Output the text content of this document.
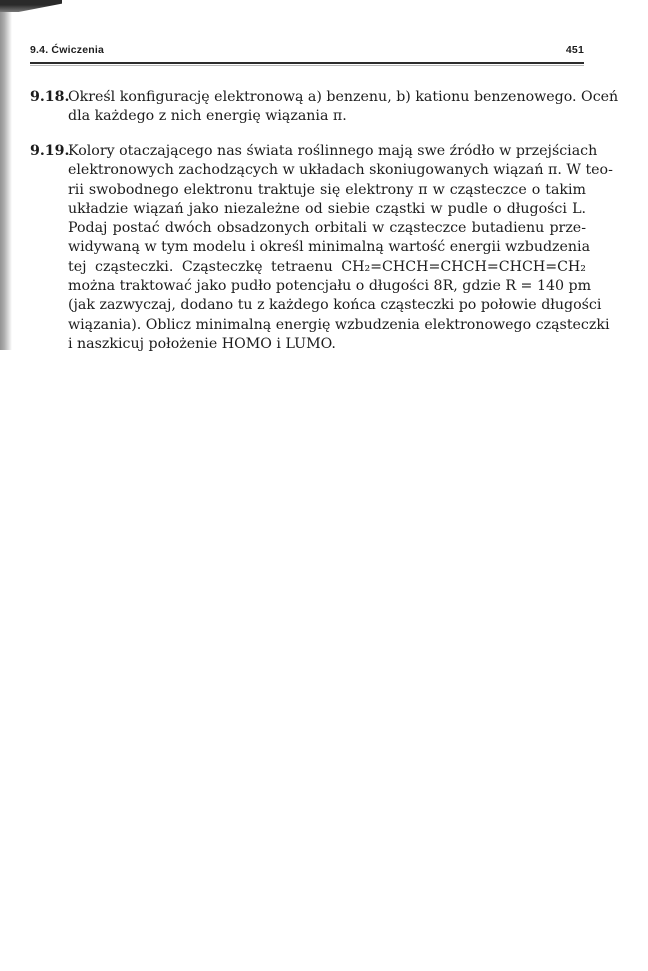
9.4. Ćwiczenia	451
9.18.
Określ konfigurację elektronową a) benzenu, b) kationu benzenowego. Oceń
dla każdego z nich energię wiązania π.
9.19.
Kolory otaczającego nas świata roślinnego mają swe źródło w przejściach
elektronowych zachodzących w układach skoniugowanych wiązań π. W teo-
rii swobodnego elektronu traktuje się elektrony π w cząsteczce o takim
układzie wiązań jako niezależne od siebie cząstki w pudle o długości L.
Podaj postać dwóch obsadzonych orbitali w cząsteczce butadienu prze-
widywaną w tym modelu i określ minimalną wartość energii wzbudzenia
tej cząsteczki. Cząsteczkę tetraenu CH₂=CHCH=CHCH=CHCH=CH₂
można traktować jako pudło potencjału o długości 8R, gdzie R = 140 pm
(jak zazwyczaj, dodano tu z każdego końca cząsteczki po połowie długości
wiązania). Oblicz minimalną energię wzbudzenia elektronowego cząsteczki
i naszkicuj położenie HOMO i LUMO.
